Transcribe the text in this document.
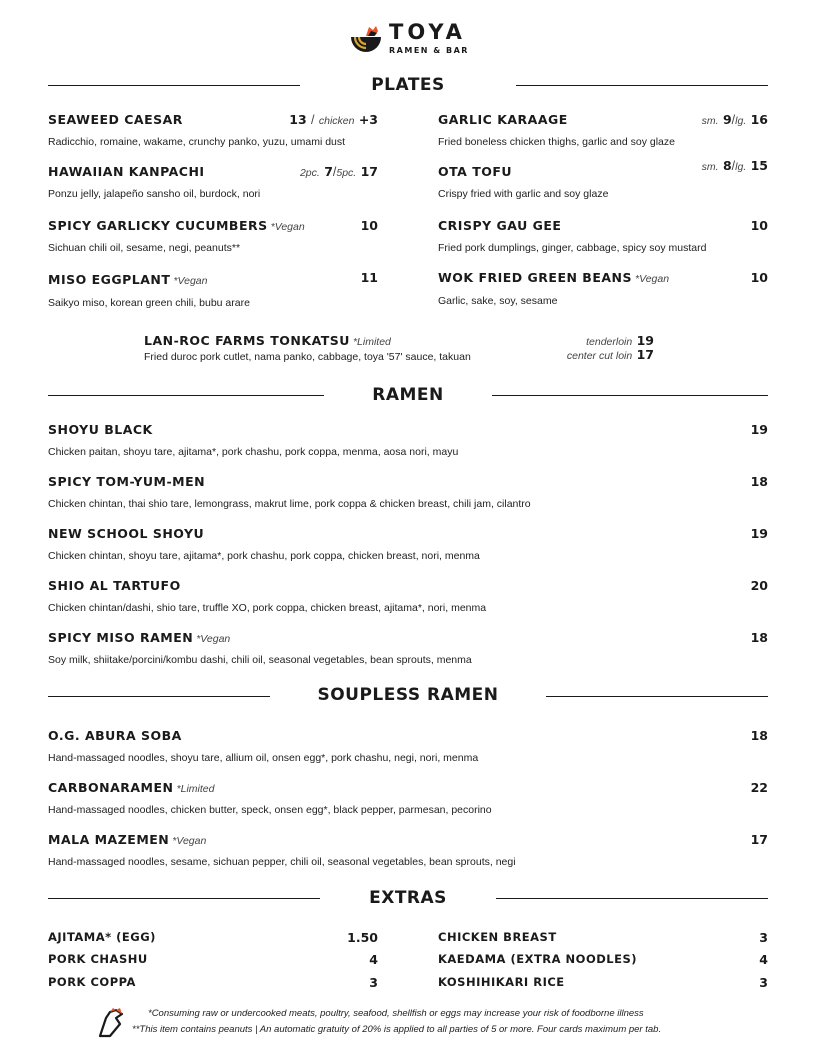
TOYA
RAMEN & BAR
PLATES
SEAWEED CAESAR	13 / chicken +3
Radicchio, romaine, wakame, crunchy panko, yuzu, umami dust
HAWAIIAN KANPACHI	2pc. 7/5pc. 17
Ponzu jelly, jalapeño sansho oil, burdock, nori
SPICY GARLICKY CUCUMBERS *Vegan	10
Sichuan chili oil, sesame, negi, peanuts**
MISO EGGPLANT *Vegan	11
Saikyo miso, korean green chili, bubu arare
GARLIC KARAAGE	sm. 9/lg. 16
Fried boneless chicken thighs, garlic and soy glaze
OTA TOFU	sm. 8/lg. 15
Crispy fried with garlic and soy glaze
CRISPY GAU GEE	10
Fried pork dumplings, ginger, cabbage, spicy soy mustard
WOK FRIED GREEN BEANS *Vegan	10
Garlic, sake, soy, sesame
LAN-ROC FARMS TONKATSU *Limited
Fried duroc pork cutlet, nama panko, cabbage, toya '57' sauce, takuan
tenderloin 19
center cut loin 17
RAMEN
SHOYU BLACK	19
Chicken paitan, shoyu tare, ajitama*, pork chashu, pork coppa, menma, aosa nori, mayu
SPICY TOM-YUM-MEN	18
Chicken chintan, thai shio tare, lemongrass, makrut lime, pork coppa & chicken breast, chili jam, cilantro
NEW SCHOOL SHOYU	19
Chicken chintan, shoyu tare, ajitama*, pork chashu, pork coppa, chicken breast, nori, menma
SHIO AL TARTUFO	20
Chicken chintan/dashi, shio tare, truffle XO, pork coppa, chicken breast, ajitama*, nori, menma
SPICY MISO RAMEN *Vegan	18
Soy milk, shiitake/porcini/kombu dashi, chili oil, seasonal vegetables, bean sprouts, menma
SOUPLESS RAMEN
O.G. ABURA SOBA	18
Hand-massaged noodles, shoyu tare, allium oil, onsen egg*, pork chashu, negi, nori, menma
CARBONARAMEN *Limited	22
Hand-massaged noodles, chicken butter, speck, onsen egg*, black pepper, parmesan, pecorino
MALA MAZEMEN *Vegan	17
Hand-massaged noodles, sesame, sichuan pepper, chili oil, seasonal vegetables, bean sprouts, negi
EXTRAS
AJITAMA* (EGG)	1.50
PORK CHASHU	4
PORK COPPA	3
CHICKEN BREAST	3
KAEDAMA (EXTRA NOODLES)	4
KOSHIHIKARI RICE	3
*Consuming raw or undercooked meats, poultry, seafood, shellfish or eggs may increase your risk of foodborne illness
**This item contains peanuts | An automatic gratuity of 20% is applied to all parties of 5 or more. Four cards maximum per tab.
